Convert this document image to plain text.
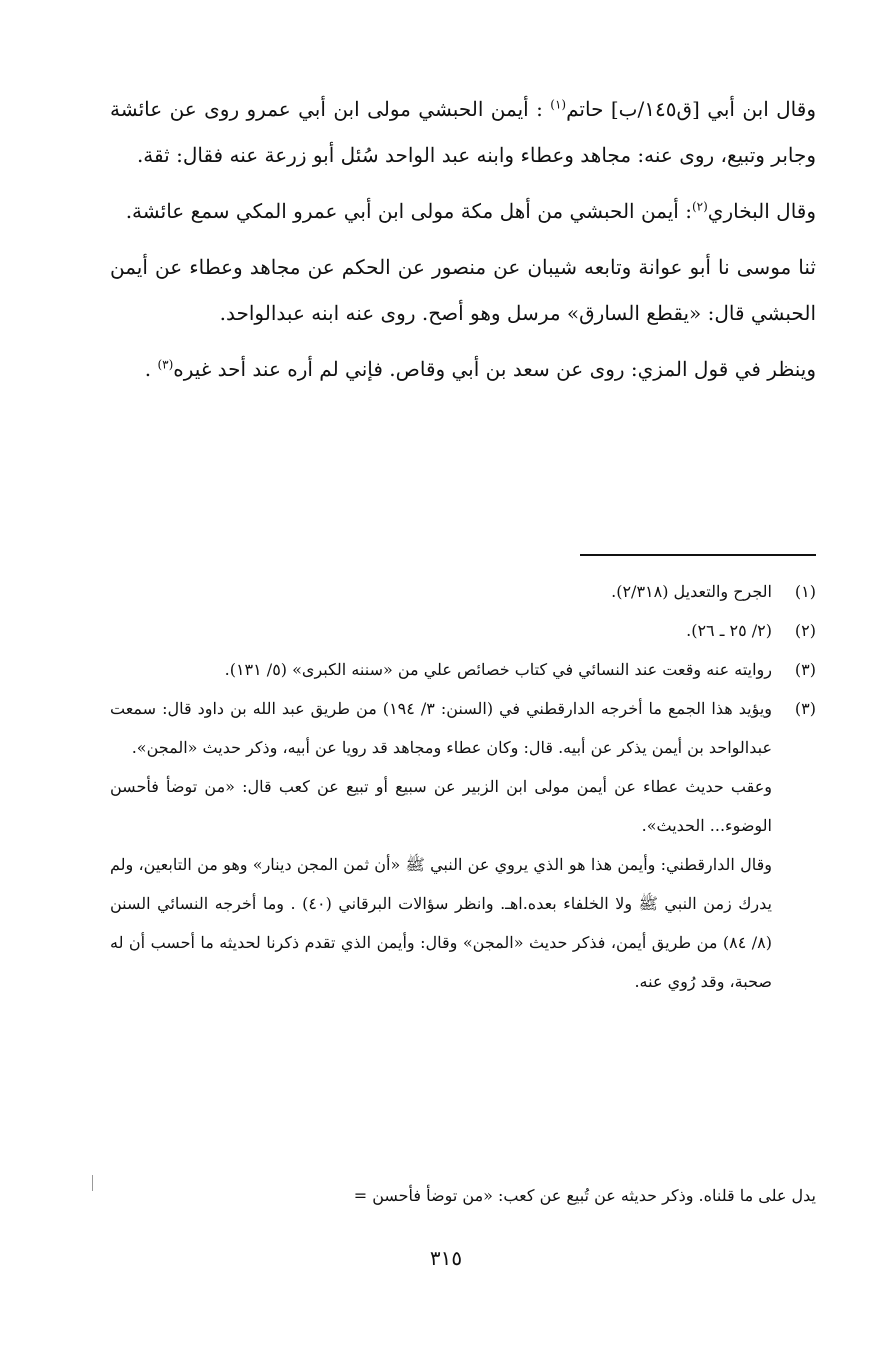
وقال ابن أبي [ق١٤٥/ب] حاتم$^{(١)}$ : أيمن الحبشي مولى ابن أبي عمرو روى عن عائشة وجابر وتبيع، روى عنه: مجاهد وعطاء وابنه عبد الواحد سُئل أبو زرعة عنه فقال: ثقة.

وقال البخاري$^{(٢)}$: أيمن الحبشي من أهل مكة مولى ابن أبي عمرو المكي سمع عائشة.

ثنا موسى نا أبو عوانة وتابعه شيبان عن منصور عن الحكم عن مجاهد وعطاء عن أيمن الحبشي قال: «يقطع السارق» مرسل وهو أصح. روى عنه ابنه عبدالواحد.

وينظر في قول المزي: روى عن سعد بن أبي وقاص. فإني لم أره عند أحد غيره$^{(٣)}$ .

(١)

الجرح والتعديل (٢/٣١٨).

(٢)

(٢/ ٢٥ ـ ٢٦).

(٣)

روايته عنه وقعت عند النسائي في كتاب خصائص علي من «سننه الكبرى» (٥/ ١٣١).

(٣)

ويؤيد هذا الجمع ما أخرجه الدارقطني في (السنن: ٣/ ١٩٤) من طريق عبد الله بن داود قال: سمعت عبدالواحد بن أيمن يذكر عن أبيه. قال: وكان عطاء ومجاهد قد رويا عن أبيه، وذكر حديث «المجن».

وعقب حديث عطاء عن أيمن مولى ابن الزبير عن سبيع أو تبيع عن كعب قال: «من توضأ فأحسن الوضوء... الحديث».

وقال الدارقطني: وأيمن هذا هو الذي يروي عن النبي ﷺ «أن ثمن المجن دينار» وهو من التابعين، ولم يدرك زمن النبي ﷺ ولا الخلفاء بعده.اهـ. وانظر سؤالات البرقاني (٤٠) . وما أخرجه النسائي السنن (٨/ ٨٤) من طريق أيمن، فذكر حديث «المجن» وقال: وأيمن الذي تقدم ذكرنا لحديثه ما أحسب أن له صحبة، وقد رُوي عنه.

يدل على ما قلناه. وذكر حديثه عن تُبيع عن كعب: «من توضأ فأحسن =
٣١٥
